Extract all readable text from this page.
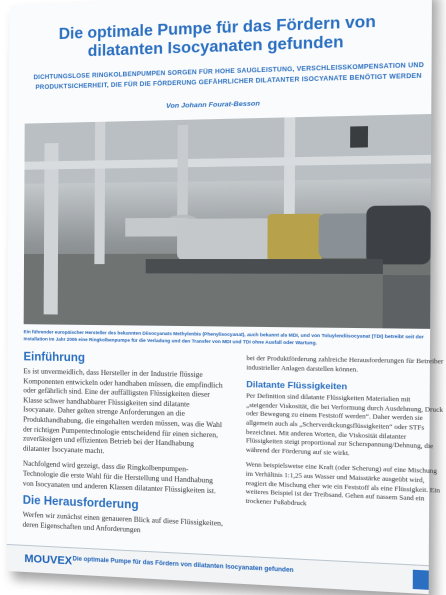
Die optimale Pumpe für das Fördern von dilatanten Isocyanaten gefunden
DICHTUNGSLOSE RINGKOLBENPUMPEN SORGEN FÜR HOHE SAUGLEISTUNG, VERSCHLEISSKOMPENSATION UND PRODUKTSICHERHEIT, DIE FÜR DIE FÖRDERUNG GEFÄHRLICHER DILATANTER ISOCYANATE BENÖTIGT WERDEN
Von Johann Fourat-Besson
Ein führender europäischer Hersteller des bekannten Diisocyanats Methylenbis (Phenylisocyanat), auch bekannt als MDI, und von Toluylendiisocyanat (TDI) betreibt seit der Installation im Jahr 2005 eine Ringkolbenpumpe für die Verladung und den Transfer von MDI und TDI ohne Ausfall oder Wartung.
Einführung

Es ist unvermeidlich, dass Hersteller in der Industrie flüssige Komponenten entwickeln oder handhaben müssen, die empfindlich oder gefährlich sind. Eine der auffälligsten Flüssigkeiten dieser Klasse schwer handhabbarer Flüssigkeiten sind dilatante Isocyanate. Daher gelten strenge Anforderungen an die Produkthandhabung, die eingehalten werden müssen, was die Wahl der richtigen Pumpentechnologie entscheidend für einen sicheren, zuverlässigen und effizienten Betrieb bei der Handhabung dilatanter Isocyanate macht.

Nachfolgend wird gezeigt, dass die Ringkolbenpumpen-Technologie die erste Wahl für die Herstellung und Handhabung von Isocyanaten und anderen Klassen dilatanter Flüssigkeiten ist.

Die Herausforderung

Werfen wir zunächst einen genaueren Blick auf diese Flüssigkeiten, deren Eigenschaften und Anforderungen

bei der Produktförderung zahlreiche Herausforderungen für Betreiber industrieller Anlagen darstellen können.

Dilatante Flüssigkeiten

Per Definition sind dilatante Flüssigkeiten Materialien mit „steigender Viskosität, die bei Verformung durch Ausdehnung, Druck oder Bewegung zu einem Feststoff werden“. Daher werden sie allgemein auch als „Scherverdickungsflüssigkeiten“ oder STFs bezeichnet. Mit anderen Worten, die Viskosität dilatanter Flüssigkeiten steigt proportional zur Scherspannung/Dehnung, die während der Förderung auf sie wirkt.

Wenn beispielsweise eine Kraft (oder Scherung) auf eine Mischung im Verhältnis 1:1,25 aus Wasser und Maisstärke ausgeübt wird, reagiert die Mischung eher wie ein Feststoff als eine Flüssigkeit. Ein weiteres Beispiel ist der Treibsand. Gehen auf nassem Sand ein trockener Fußabdruck

MOUVEX Die optimale Pumpe für das Fördern von dilatanten Isocyanaten gefunden
